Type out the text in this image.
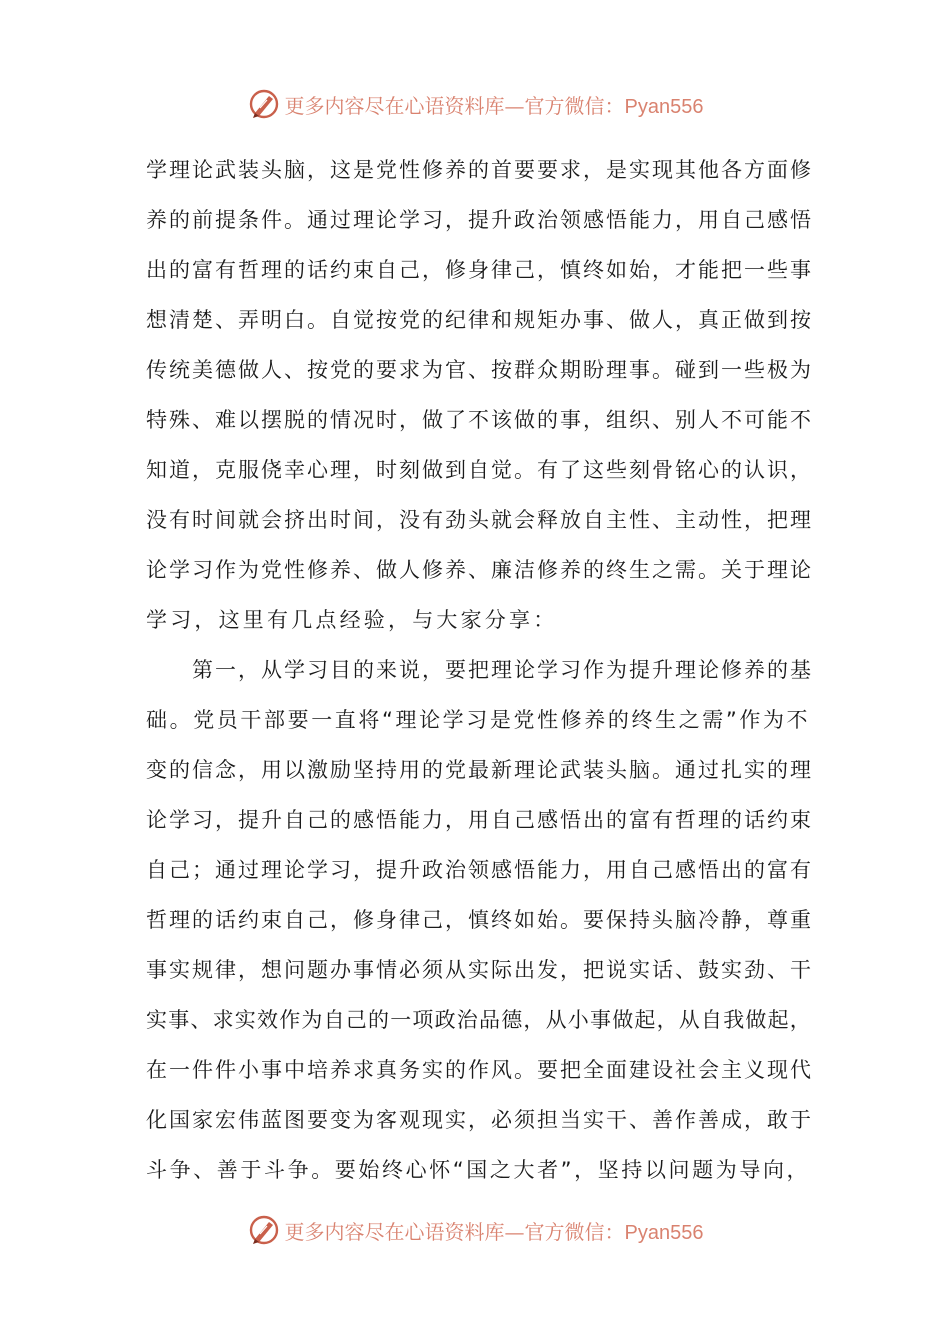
更多内容尽在心语资料库—官方微信：Pyan556
学理论武装头脑，这是党性修养的首要要求，是实现其他各方面修
养的前提条件。通过理论学习，提升政治领感悟能力，用自己感悟
出的富有哲理的话约束自己，修身律己，慎终如始，才能把一些事
想清楚、弄明白。自觉按党的纪律和规矩办事、做人，真正做到按
传统美德做人、按党的要求为官、按群众期盼理事。碰到一些极为
特殊、难以摆脱的情况时，做了不该做的事，组织、别人不可能不
知道，克服侥幸心理，时刻做到自觉。有了这些刻骨铭心的认识，
没有时间就会挤出时间，没有劲头就会释放自主性、主动性，把理
论学习作为党性修养、做人修养、廉洁修养的终生之需。关于理论
学习，这里有几点经验，与大家分享：
第一，从学习目的来说，要把理论学习作为提升理论修养的基
础。党员干部要一直将“理论学习是党性修养的终生之需”作为不
变的信念，用以激励坚持用的党最新理论武装头脑。通过扎实的理
论学习，提升自己的感悟能力，用自己感悟出的富有哲理的话约束
自己；通过理论学习，提升政治领感悟能力，用自己感悟出的富有
哲理的话约束自己，修身律己，慎终如始。要保持头脑冷静，尊重
事实规律，想问题办事情必须从实际出发，把说实话、鼓实劲、干
实事、求实效作为自己的一项政治品德，从小事做起，从自我做起，
在一件件小事中培养求真务实的作风。要把全面建设社会主义现代
化国家宏伟蓝图要变为客观现实，必须担当实干、善作善成，敢于
斗争、善于斗争。要始终心怀“国之大者”，坚持以问题为导向，
更多内容尽在心语资料库—官方微信：Pyan556
